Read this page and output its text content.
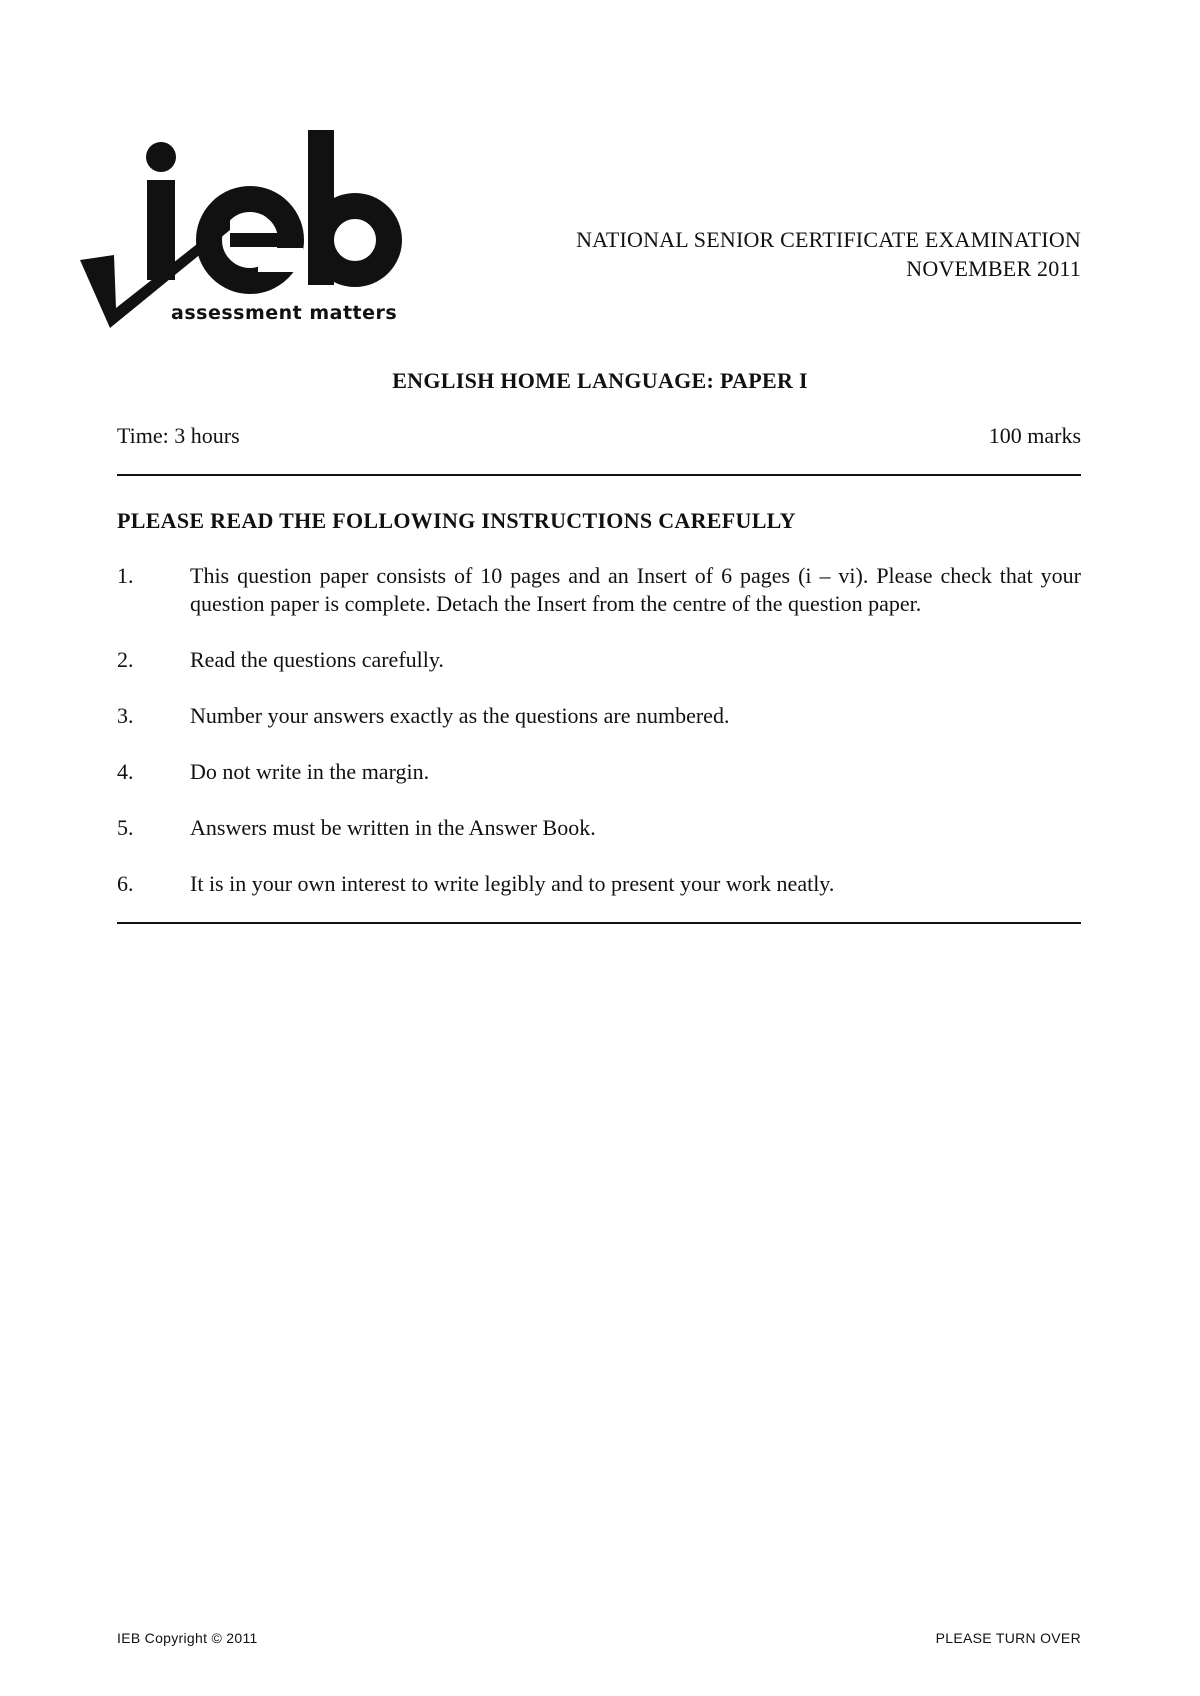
assessment matters
NATIONAL SENIOR CERTIFICATE EXAMINATION
NOVEMBER 2011
ENGLISH HOME LANGUAGE: PAPER I
Time: 3 hours	100 marks
PLEASE READ THE FOLLOWING INSTRUCTIONS CAREFULLY
1.	This question paper consists of 10 pages and an Insert of 6 pages (i – vi). Please check that your question paper is complete. Detach the Insert from the centre of the question paper.
2.	Read the questions carefully.
3.	Number your answers exactly as the questions are numbered.
4.	Do not write in the margin.
5.	Answers must be written in the Answer Book.
6.	It is in your own interest to write legibly and to present your work neatly.
IEB Copyright © 2011	PLEASE TURN OVER
